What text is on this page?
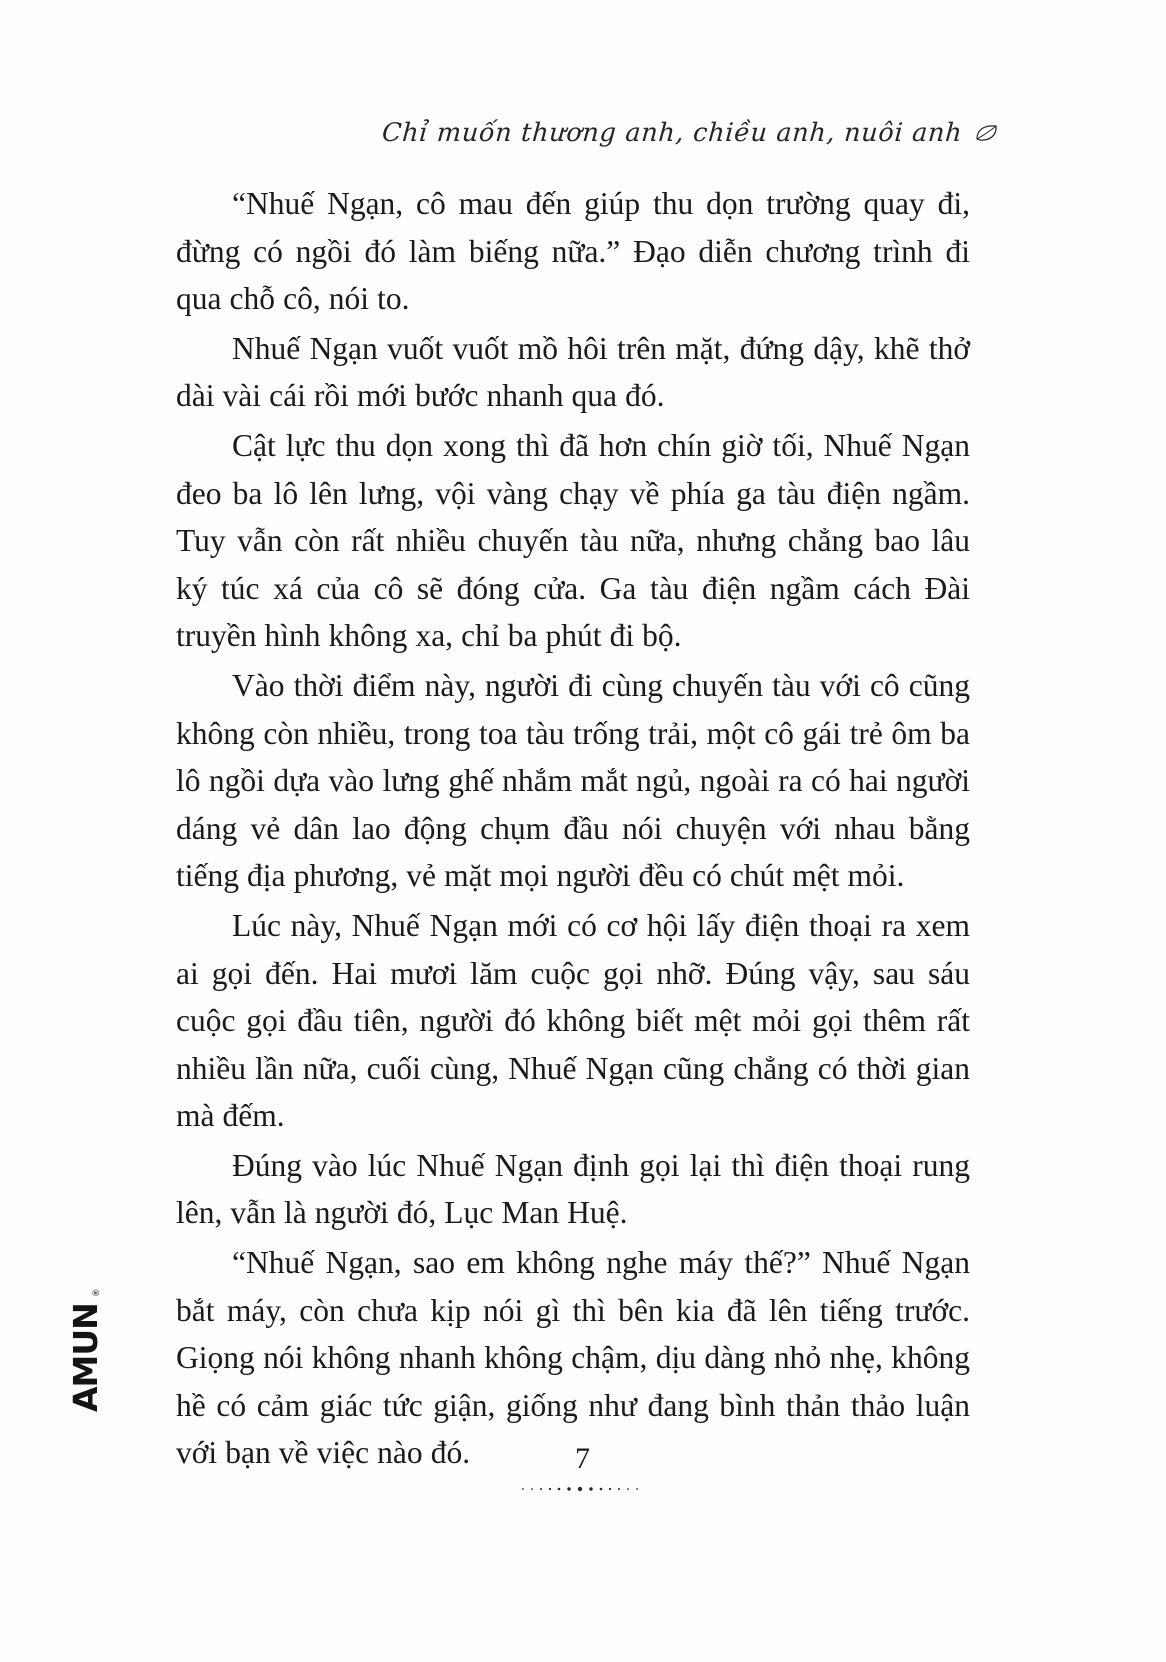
Chỉ muốn thương anh, chiều anh, nuôi anh

“Nhuế Ngạn, cô mau đến giúp thu dọn trường quay đi, đừng có ngồi đó làm biếng nữa.” Đạo diễn chương trình đi qua chỗ cô, nói to.

Nhuế Ngạn vuốt vuốt mồ hôi trên mặt, đứng dậy, khẽ thở dài vài cái rồi mới bước nhanh qua đó.

Cật lực thu dọn xong thì đã hơn chín giờ tối, Nhuế Ngạn đeo ba lô lên lưng, vội vàng chạy về phía ga tàu điện ngầm. Tuy vẫn còn rất nhiều chuyến tàu nữa, nhưng chẳng bao lâu ký túc xá của cô sẽ đóng cửa. Ga tàu điện ngầm cách Đài truyền hình không xa, chỉ ba phút đi bộ.

Vào thời điểm này, người đi cùng chuyến tàu với cô cũng không còn nhiều, trong toa tàu trống trải, một cô gái trẻ ôm ba lô ngồi dựa vào lưng ghế nhắm mắt ngủ, ngoài ra có hai người dáng vẻ dân lao động chụm đầu nói chuyện với nhau bằng tiếng địa phương, vẻ mặt mọi người đều có chút mệt mỏi.

Lúc này, Nhuế Ngạn mới có cơ hội lấy điện thoại ra xem ai gọi đến. Hai mươi lăm cuộc gọi nhỡ. Đúng vậy, sau sáu cuộc gọi đầu tiên, người đó không biết mệt mỏi gọi thêm rất nhiều lần nữa, cuối cùng, Nhuế Ngạn cũng chẳng có thời gian mà đếm.

Đúng vào lúc Nhuế Ngạn định gọi lại thì điện thoại rung lên, vẫn là người đó, Lục Man Huệ.

“Nhuế Ngạn, sao em không nghe máy thế?” Nhuế Ngạn bắt máy, còn chưa kịp nói gì thì bên kia đã lên tiếng trước. Giọng nói không nhanh không chậm, dịu dàng nhỏ nhẹ, không hề có cảm giác tức giận, giống như đang bình thản thảo luận với bạn về việc nào đó.

AMUN
®
7
